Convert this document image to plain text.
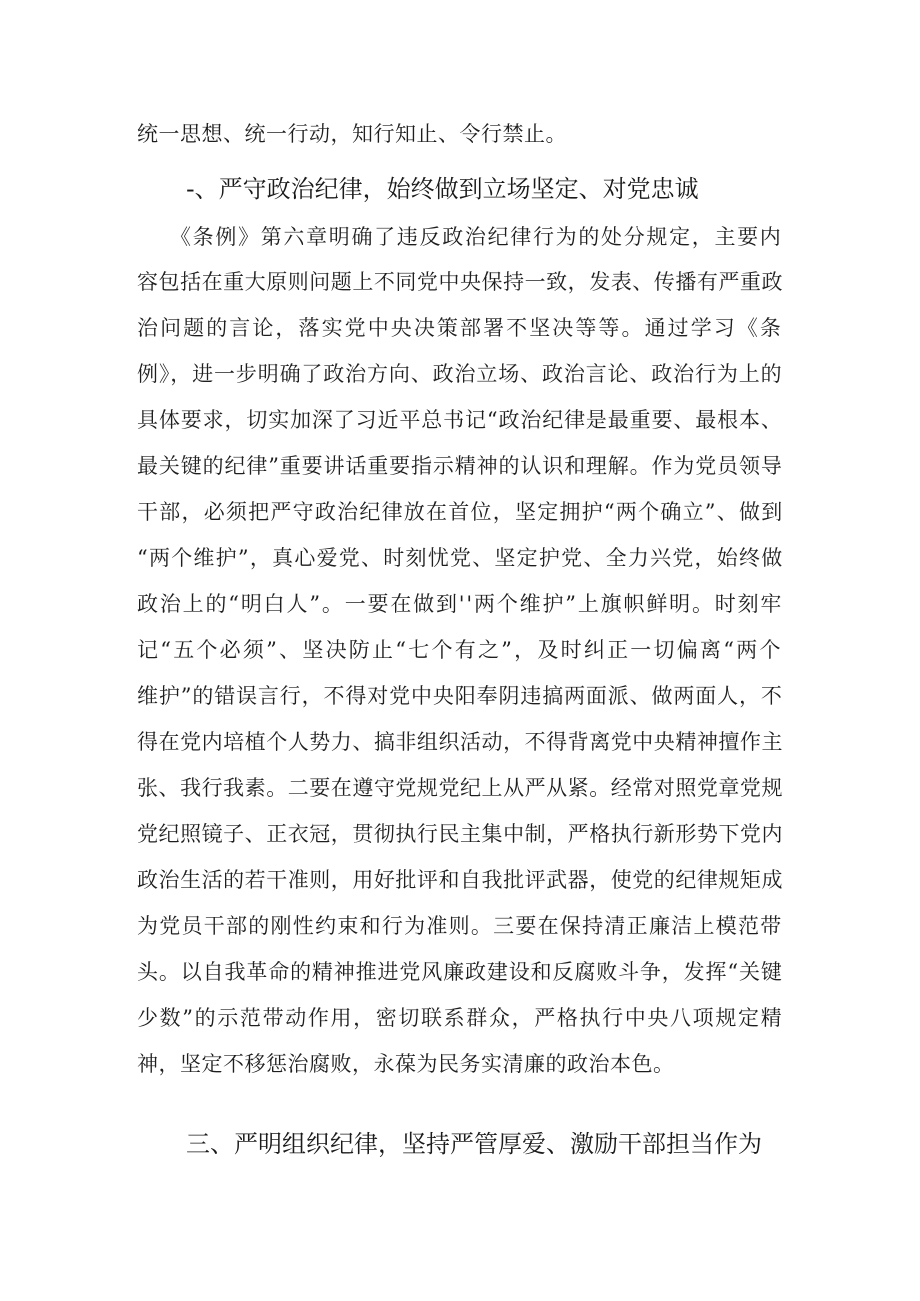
统一思想、统一行动，知行知止、令行禁止。
-、严守政治纪律，始终做到立场坚定、对党忠诚
《条例》第六章明确了违反政治纪律行为的处分规定，主要内
容包括在重大原则问题上不同党中央保持一致，发表、传播有严重政
治问题的言论，落实党中央决策部署不坚决等等。通过学习《条
例》，进一步明确了政治方向、政治立场、政治言论、政治行为上的
具体要求，切实加深了习近平总书记“政治纪律是最重要、最根本、
最关键的纪律”重要讲话重要指示精神的认识和理解。作为党员领导
干部，必须把严守政治纪律放在首位，坚定拥护“两个确立”、做到
“两个维护”，真心爱党、时刻忧党、坚定护党、全力兴党，始终做
政治上的“明白人”。一要在做到''两个维护”上旗帜鲜明。时刻牢
记“五个必须”、坚决防止“七个有之”，及时纠正一切偏离“两个
维护”的错误言行，不得对党中央阳奉阴违搞两面派、做两面人，不
得在党内培植个人势力、搞非组织活动，不得背离党中央精神擅作主
张、我行我素。二要在遵守党规党纪上从严从紧。经常对照党章党规
党纪照镜子、正衣冠，贯彻执行民主集中制，严格执行新形势下党内
政治生活的若干准则，用好批评和自我批评武器，使党的纪律规矩成
为党员干部的刚性约束和行为准则。三要在保持清正廉洁上模范带
头。以自我革命的精神推进党风廉政建设和反腐败斗争，发挥“关键
少数”的示范带动作用，密切联系群众，严格执行中央八项规定精
神，坚定不移惩治腐败，永葆为民务实清廉的政治本色。
三、严明组织纪律，坚持严管厚爱、激励干部担当作为
